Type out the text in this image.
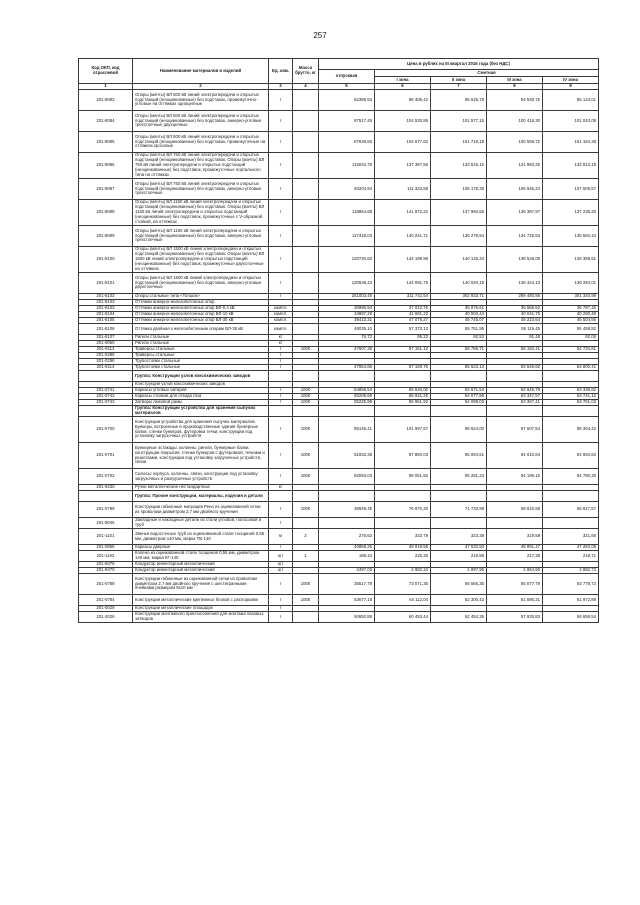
257
Код ОКП, код отраслевой	Наименование материалов и изделий	Ед. изм.	Масса брутто, кг	Цена в рублях на III квартал 2016 года (без НДС)				
				отпускная	Сметная			
					I зона	II зона	III зона	IV зона
1	2	3	4	5	6	7	8	9
201-8083	Опоры (мачты) ВЛ 500 кВ линий электропередачи и открытых подстанций (неоцинкованные) без подставок, промежуточно-угловые на оттяжках одноцепные	т		82389,53	98 406,42	95 625,78	94 530,76	95 123,01
201-8084	Опоры (мачты) ВЛ 500 кВ линий электропередачи и открытых подстанций (неоцинкованные) без подставок, анкерно-угловые трехстоечные двухцепные	т		87517,45	104 530,85	101 577,15	100 416,30	101 043,09
201-8085	Опоры (мачты) ВЛ 500 кВ линий электропередачи и открытых подстанций (неоцинкованные) без подставок, промежуточные на оттяжках кросовые	т		87638,83	104 677,62	101 719,19	100 559,72	101 184,38
201-8086	Опоры (мачты) ВЛ 750 кВ линий электропередачи и открытых подстанций (неоцинкованные) без подставок. Опоры (мачты) ВЛ 750 кВ линий электропередачи и открытых подстанций (неоцинкованные) без подставок, промежуточные портального типа на оттяжках	т		115034,78	137 367,56	133 515,16	131 993,25	132 813,18
201-8097	Опоры (мачты) ВЛ 750 кВ линий электропередачи и открытых подстанций (неоцинкованные) без подставок, анкерно-угловые трехстоечные	т		93204,94	111 323,59	108 178,35	106 945,24	107 609,57
201-8098	Опоры (мачты) ВЛ 1150 кВ линий электропередачи и открытых подстанций (неоцинкованные) без подставок. Опоры (мачты) ВЛ 1150 кВ линий электропередачи и открытых подстанций (неоцинкованные) без подставок, промежуточные с V-образной стойкой, на оттяжках	т		118864,68	141 972,22	137 960,55	136 387,97	137 235,20
201-8099	Опоры (мачты) ВЛ 1150 кВ линий электропередачи и открытых подстанций (неоцинкованные) без подставок, анкерно-угловые трехстоечные	т		117418,03	140 241,71	136 278,94	134 725,53	135 562,44
201-8100	Опоры (мачты) ВЛ 1500 кВ линий электропередачи и открытых подстанций (неоцинкованные) без подставок. Опоры (мачты) ВЛ 1500 кВ линий электропередачи и открытых подстанций (неоцинкованные) без подставок, промежуточные двухстоечные на оттяжках	т		120730,83	144 199,96	140 125,34	138 528,09	139 388,61
201-8101	Опоры (мачты) ВЛ 1500 кВ линий электропередачи и открытых подстанций (неоцинкованные) без подставок, анкерно-угловые двухстоечные	т		120639,43	144 091,75	140 020,19	138 424,13	139 284,01
201-8102	Опоры стальные типа «Топшок»	т		261003,45	311 742,54	302 933,71	299 480,85	301 340,99
201-8103	Оттяжки анкерно-железобетонных опор							
201-8103	Оттяжки анкерно-железобетонных опор ВЛ-0,4 кВ	компл.		30996,94	37 022,75	35 976,61	35 566,52	35 787,46
201-8104	Оттяжки анкерно-железобетонных опор ВЛ-10 кВ	компл.		34897,28	41 681,22	40 503,44	40 041,76	40 290,49
201-8105	Оттяжки анкерно-железобетонных опор ВЛ-35 кВ	компл.		39413,31	47 075,27	45 745,07	45 223,64	45 504,56
201-8106	Оттяжка двойная к железобетонным опорам ВЛ-35 кВ	компл.		48035,10	57 373,13	55 751,95	55 116,45	55 458,82
201-8107	Ригели стальные	кг		76,72	95,22	92,53	91,48	92,05
201-9050	Ригели стальные	кг						
201-8113	Траверсы стальные	т	1000	47607,39	57 151,12	55 756,71	55 182,41	54 734,81
201-0285	Траверсы стальные	т						
201-0286	Трубостойки стальные	т						
201-8114	Трубостойки стальные	т		47864,86	57 169,76	55 623,13	53 646,82	54 800,41
	Группа: Конструкции узлов коксохимических заводов							
	Конструкции узлов коксохимических заводов							
201-0741	Каркасы угловых батарей	т	1000	54858,54	65 520,00	63 671,54	62 945,78	63 336,82
201-0742	Каркасы стояков для отвода газа	т	1000	55208,68	65 941,25	64 077,86	63 347,57	63 741,12
201-0743	Затворы люковой рамы	т	1000	55225,99	65 961,92	64 098,03	63 367,41	63 761,03
	Группа: Конструкции устройства для хранения сыпучих материалов							
201-0700	Конструкции устройства для хранения сыпучих материалов. Бункеры, встроенные в производственные здания бункерные балки, стенки бункеров, футеровка течки, конструкции под установку загрузочных устройств	т	1000	85145,41	101 697,57	98 624,00	97 607,54	98 304,42
201-0701	Бункерные эстакады: колонны, ригели, бункерные балки, конструкции покрытия, стенки бункеров с футеровкой, течками и решетками, конструкции под установку загрузочных устройств, связи	т	1000	81932,38	97 860,03	95 094,61	94 010,84	94 594,82
201-0702	Силосы: корпуса, колонны, связи, конструкции под установку загрузочных и разгрузочных устройств	т	1000	82093,03	98 051,92	95 281,23	94 195,15	94 780,30
201-9230	Ручки металлические нестандартные	кг						
	Группа: Прочие конструкции, материалы, изделия и детали							
201-0789	Конструкции габионные матрацев Рено из оцинкованной сетки из проволоки диаметром 2,7 мм двойного кручения	т	1000	38949,45	76 970,20	71 733,99	68 610,59	66 817,57
201-8046	Закладные и накладные детали из стали угловой, полосовой и труб	т						
201-1101	Звенья водосточных труб из оцинкованной стали толщиной 0,55 мм, диаметром 140 мм, марка ТВ-140	м	2	275,62	332,78	323,38	319,58	321,66
201-0855	Каркасы дверные	т		40858,26	48 918,58	47 532,93	46 991,47	47 283,08
201-1102	Колено из оцинкованной стали толщиной 0,55 мм, диаметром 140 мм, марка КГ-140	шт	1	189,44	226,26	219,86	217,35	218,71
201-9376	Кондуктор инвентарный металлический	шт						
201-9370	Кондуктор инвентарный металлический	шт		2497,03	2 982,34	2 897,96	2 864,80	2 882,73
201-0788	Конструкции габионные из оцинкованной сетки из проволоки диаметром 2,7 мм двойного кручения с шестигранными ячейками размером 8х10 мм	т	1000	35517,78	73 571,35	68 566,35	65 577,79	63 778,72
201-0784	Конструкции металлические крепежных блоков с распорками	т	1000	53677,18	64 112,04	62 300,42	61 590,31	61 972,89
201-0029	Конструкции металлические площадок	т						
201-3026	Конструкции монтажного приспособления для монтажа пазовых затворов	т		50650,88	60 453,44	62 454,35	57 925,83	59 659,54
